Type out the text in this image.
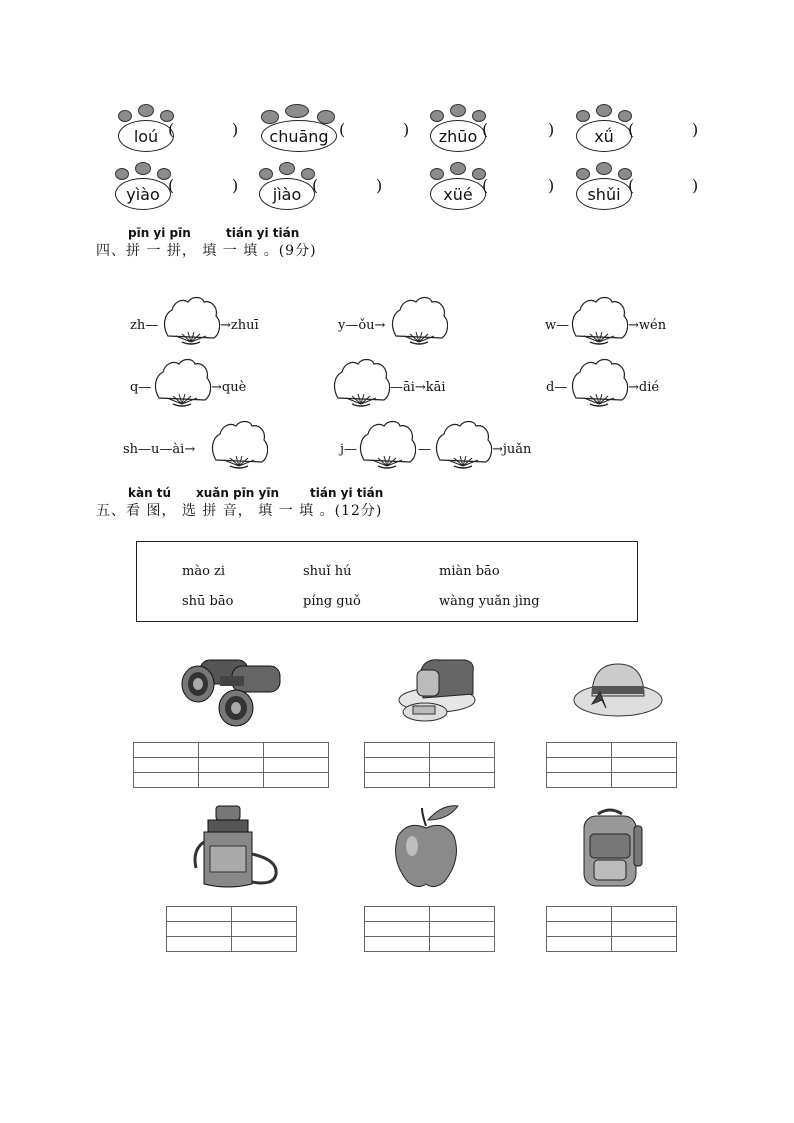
loú (	)	chuāng (	)	zhūo (	)	xǘ (	)
yìào (	)	jìào (	)	xüé (	)	shǔi (	)
pīn yi pīn	tián yi tián
四、拼 一 拼， 填 一 填 。(9分)
zh—	→zhuī	y—ǒu→	w—	→wén
q—	→què	—āi→kāi	d—	→dié
sh—u—ài→	j—	—	→juǎn
kàn tú xuǎn pīn yīn	tián yi tián
五、看 图， 选 拼 音， 填 一 填 。(12分)
mào zi	shuǐ hú	miàn bāo
shū bāo	píng guǒ	wàng yuǎn jìng
